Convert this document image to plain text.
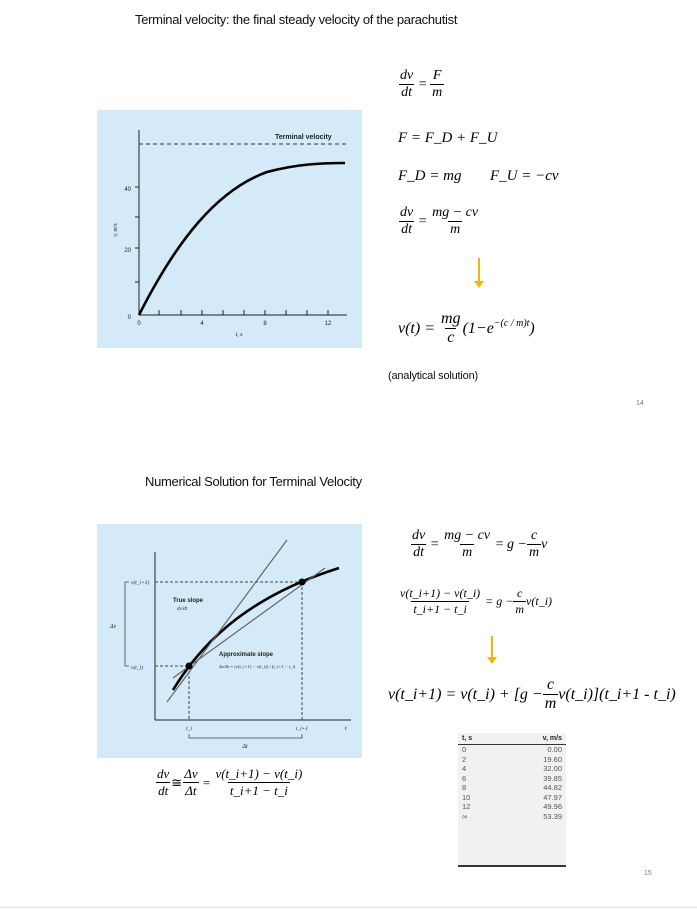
Terminal velocity: the final steady velocity of the parachutist
Terminal velocity
0
20
40
0	4	8	12
t, s
v, m/s
$\frac{dv}{dt} = \frac{F}{m}$
F = F_D + F_U
F_D = mg F_U = −cv
$\frac{dv}{dt} = \frac{mg - cv}{m}$
v(t) =
$\frac{mg}{c} (1-e^{-(c / m)t}$ )
(analytical solution)
14
Numerical Solution for Terminal Velocity
v(t_i+1)
v(t_i)
Δv
Δt
t_i	t_i+1	t
True slope
dv/dt
Approximate slope
Δv/Δt = (v(t_i+1) − v(t_i)) / (t_i+1 − t_i)
$\frac{dv}{dt} = \frac{mg - cv}{m} = g - \frac{c}{m}$ v
$\frac{v(t\_i+1) - v(t\_i)}{t\_i+1 - t\_i}$
= $g - \frac{c}{m}$ v(t_i)
v(t_i+1) = v(t_i) + [$g - \frac{c}{m}$ v(t_i)](t_i+1 - t_i)
$\frac{dv}{dt}$ ≅ $\frac{\Delta v}{\Delta t} = \frac{v(t\_i+1) - v(t\_i)}{t\_i+1 - t\_i}$
t, s	v, m/s
0	0.00
2	19.60
4	32.00
6	39.85
8	44.82
10	47.97
12	49.96
∞	53.39
15
